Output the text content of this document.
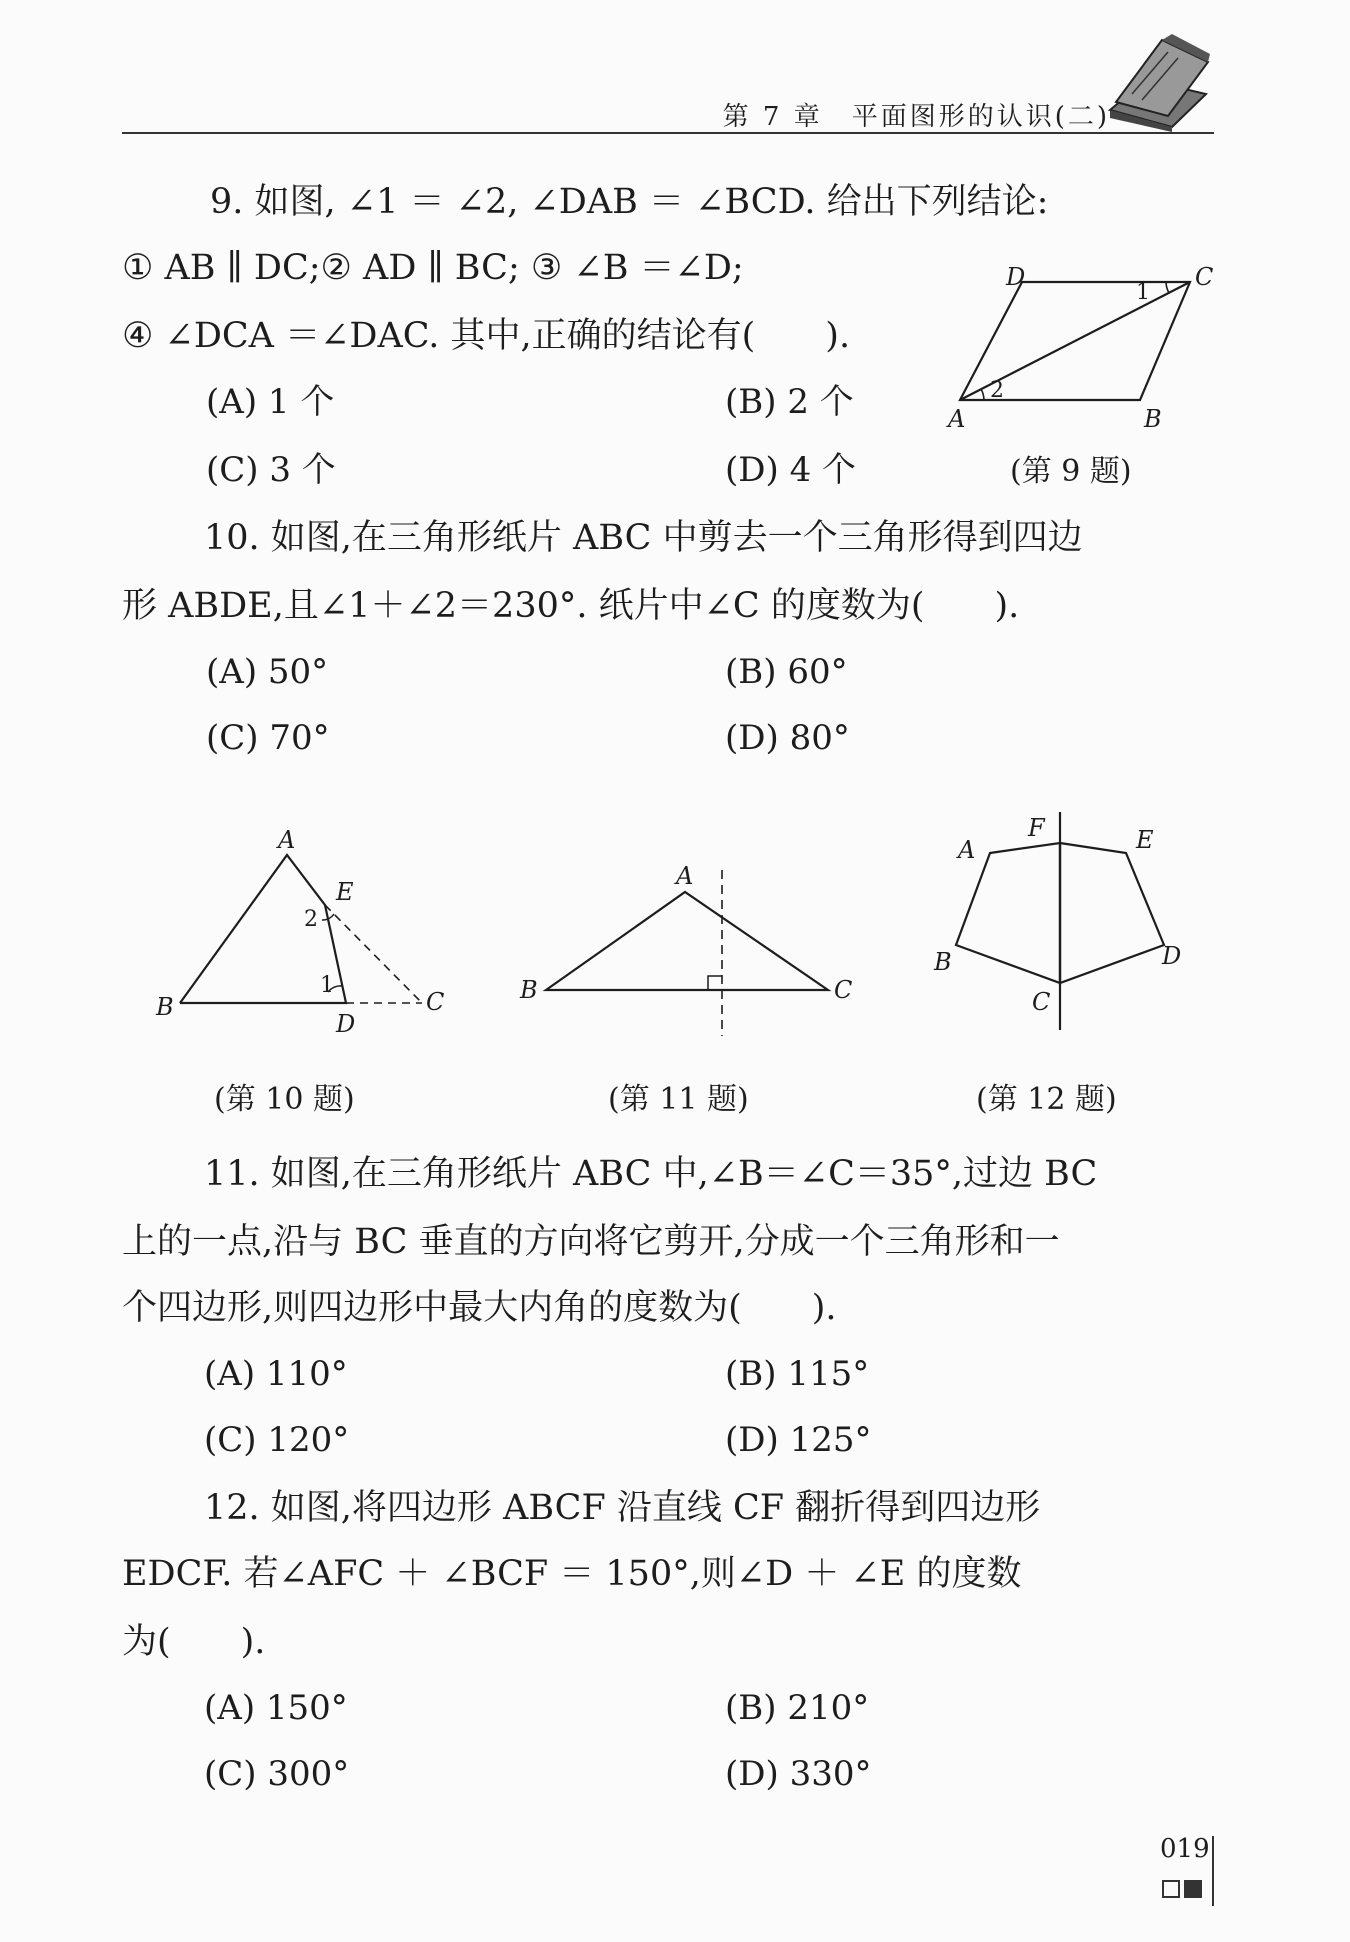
第 7 章　平面图形的认识(二)
9. 如图, ∠1 ＝ ∠2, ∠DAB ＝ ∠BCD. 给出下列结论:
① AB ∥ DC;② AD ∥ BC; ③ ∠B ＝∠D;
④ ∠DCA ＝∠DAC. 其中,正确的结论有(　　).
(A) 1 个	(B) 2 个
(C) 3 个	(D) 4 个
A	B
C
D
1
2
(第 9 题)
10. 如图,在三角形纸片 ABC 中剪去一个三角形得到四边
形 ABDE,且∠1＋∠2＝230°. 纸片中∠C 的度数为(　　).
(A) 50°	(B) 60°
(C) 70°	(D) 80°
A
B	C
D
E
1
2
A
B	C
A
B
C
D
E
F
(第 10 题)	(第 11 题)	(第 12 题)
11. 如图,在三角形纸片 ABC 中,∠B＝∠C＝35°,过边 BC
上的一点,沿与 BC 垂直的方向将它剪开,分成一个三角形和一
个四边形,则四边形中最大内角的度数为(　　).
(A) 110°	(B) 115°
(C) 120°	(D) 125°
12. 如图,将四边形 ABCF 沿直线 CF 翻折得到四边形
EDCF. 若∠AFC ＋ ∠BCF ＝ 150°,则∠D ＋ ∠E 的度数
为(　　).
(A) 150°	(B) 210°
(C) 300°	(D) 330°
019
